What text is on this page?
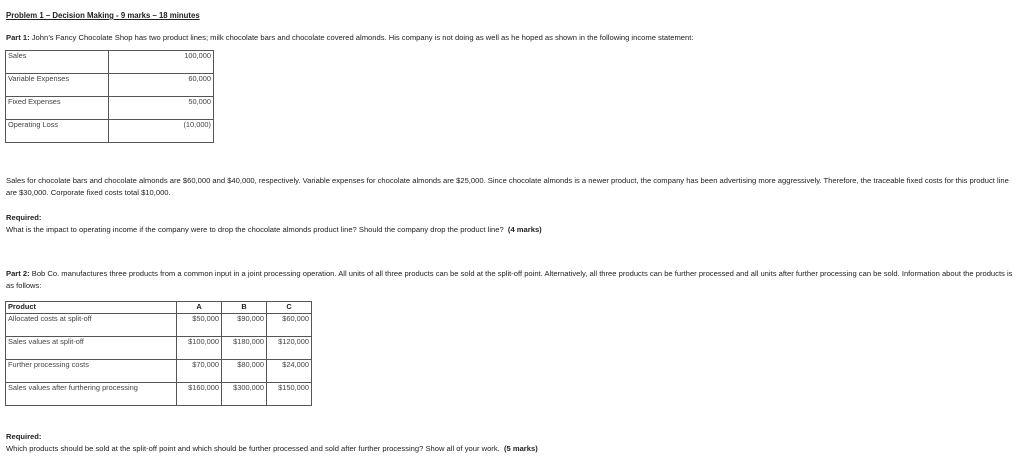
Problem 1 – Decision Making - 9 marks – 18 minutes
Part 1: John’s Fancy Chocolate Shop has two product lines; milk chocolate bars and chocolate covered almonds. His company is not doing as well as he hoped as shown in the following income statement:
Sales	100,000
Variable Expenses	60,000
Fixed Expenses	50,000
Operating Loss	(10,000)
Sales for chocolate bars and chocolate almonds are $60,000 and $40,000, respectively. Variable expenses for chocolate almonds are $25,000. Since chocolate almonds is a newer product, the company has been advertising more aggressively. Therefore, the traceable fixed costs for this product line are $30,000. Corporate fixed costs total $10,000.
Required:
What is the impact to operating income if the company were to drop the chocolate almonds product line? Should the company drop the product line? (4 marks)
Part 2: Bob Co. manufactures three products from a common input in a joint processing operation. All units of all three products can be sold at the split-off point. Alternatively, all three products can be further processed and all units after further processing can be sold. Information about the products is as follows:
Product	A	B	C
Allocated costs at split-off	$50,000	$90,000	$60,000
Sales values at split-off	$100,000	$180,000	$120,000
Further processing costs	$70,000	$80,000	$24,000
Sales values after furthering processing	$160,000	$300,000	$150,000
Required:
Which products should be sold at the split-off point and which should be further processed and sold after further processing? Show all of your work. (5 marks)
